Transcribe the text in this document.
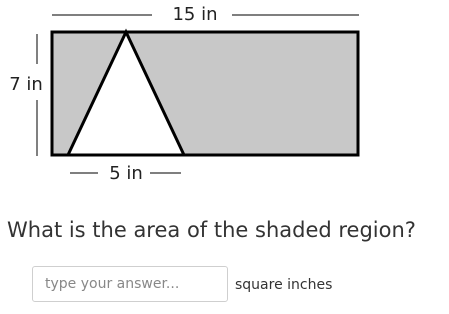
15 in
7 in
5 in
What is the area of the shaded region?
type your answer...
square inches
